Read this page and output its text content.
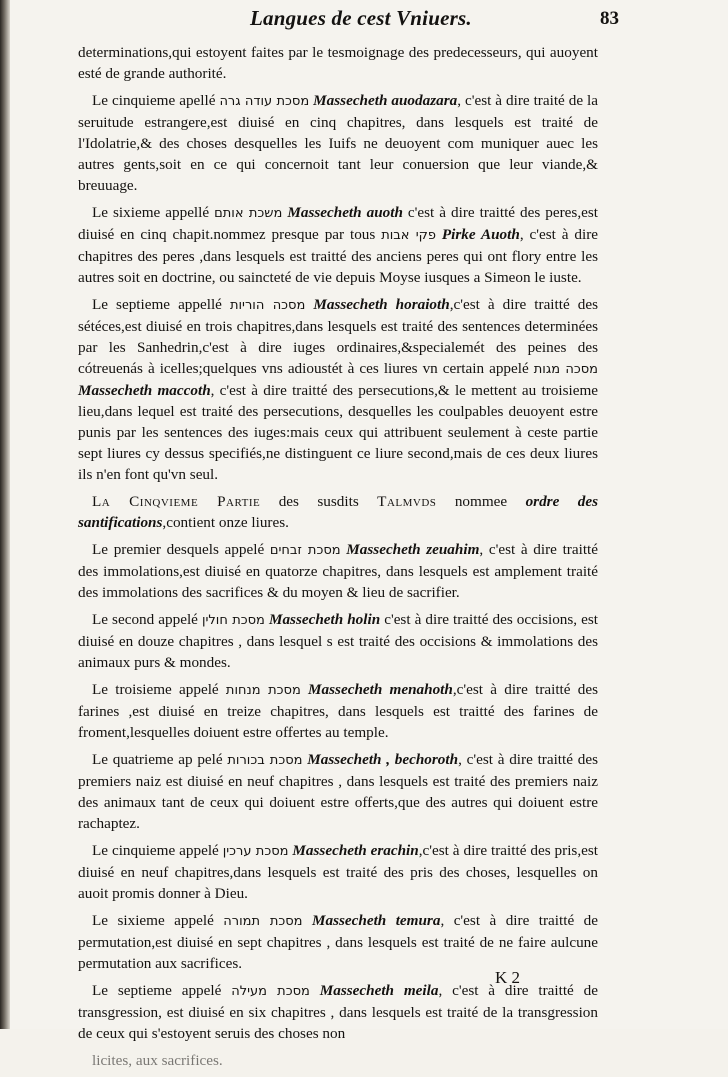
Langues de cest Vniuers.	83

determinations,qui estoyent faites par le tesmoignage des predecesseurs, qui auoyent esté de grande authorité.

Le cinquieme apellé מסכת עודה גרה Massecheth auodazara, c'est à dire traité de la seruitude estrangere,est diuisé en cinq chapitres, dans lesquels est traité de l'Idolatrie,& des choses desquelles les Iuifs ne deuoyent com muniquer auec les autres gents,soit en ce qui concernoit tant leur conuersion que leur viande,& breuuage.

Le sixieme appellé משכת אותם Massecheth auoth c'est à dire traitté des peres,est diuisé en cinq chapit.nommez presque par tous פקי אבות Pirke Auoth, c'est à dire chapitres des peres ,dans lesquels est traitté des anciens peres qui ont flory entre les autres soit en doctrine, ou saincteté de vie depuis Moyse iusques a Simeon le iuste.

Le septieme appellé מסכה הוריות Massecheth horaioth,c'est à dire traitté des sétéces,est diuisé en trois chapitres,dans lesquels est traité des sentences determinées par les Sanhedrin,c'est à dire iuges ordinaires,&specialemét des peines des cótreuenás à icelles;quelques vns adioustét à ces liures vn certain appelé מסכה מגות Massecheth maccoth, c'est à dire traitté des persecutions,& le mettent au troisieme lieu,dans lequel est traité des persecutions, desquelles les coulpables deuoyent estre punis par les sentences des iuges:mais ceux qui attribuent seulement à ceste partie sept liures cy dessus specifiés,ne distinguent ce liure second,mais de ces deux liures ils n'en font qu'vn seul.

La Cinqvieme Partie des susdits Talmvds nommee ordre des santifications,contient onze liures.

Le premier desquels appelé מסכת זבחים Massecheth zeuahim, c'est à dire traitté des immolations,est diuisé en quatorze chapitres, dans lesquels est amplement traité des immolations des sacrifices & du moyen & lieu de sacrifier.

Le second appelé מסכת חולין Massecheth holin c'est à dire traitté des occisions, est diuisé en douze chapitres , dans lesquel s est traité des occisions & immolations des animaux purs & mondes.

Le troisieme appelé מסכת מנחות Massecheth menahoth,c'est à dire traitté des farines ,est diuisé en treize chapitres, dans lesquels est traitté des farines de froment,lesquelles doiuent estre offertes au temple.

Le quatrieme ap pelé מסכת בכורות Massecheth , bechoroth, c'est à dire traitté des premiers naiz est diuisé en neuf chapitres , dans lesquels est traité des premiers naiz des animaux tant de ceux qui doiuent estre offerts,que des autres qui doiuent estre rachaptez.

Le cinquieme appelé מסכת ערכין Massecheth erachin,c'est à dire traitté des pris,est diuisé en neuf chapitres,dans lesquels est traité des pris des choses, lesquelles on auoit promis donner à Dieu.

Le sixieme appelé מסכת תמורה Massecheth temura, c'est à dire traitté de permutation,est diuisé en sept chapitres , dans lesquels est traité de ne faire aulcune permutation aux sacrifices.

Le septieme appelé מסכת מעילה Massecheth meila, c'est à dire traitté de transgression, est diuisé en six chapitres , dans lesquels est traité de la transgression de ceux qui s'estoyent seruis des choses non

licites, aux sacrifices.

K 2
